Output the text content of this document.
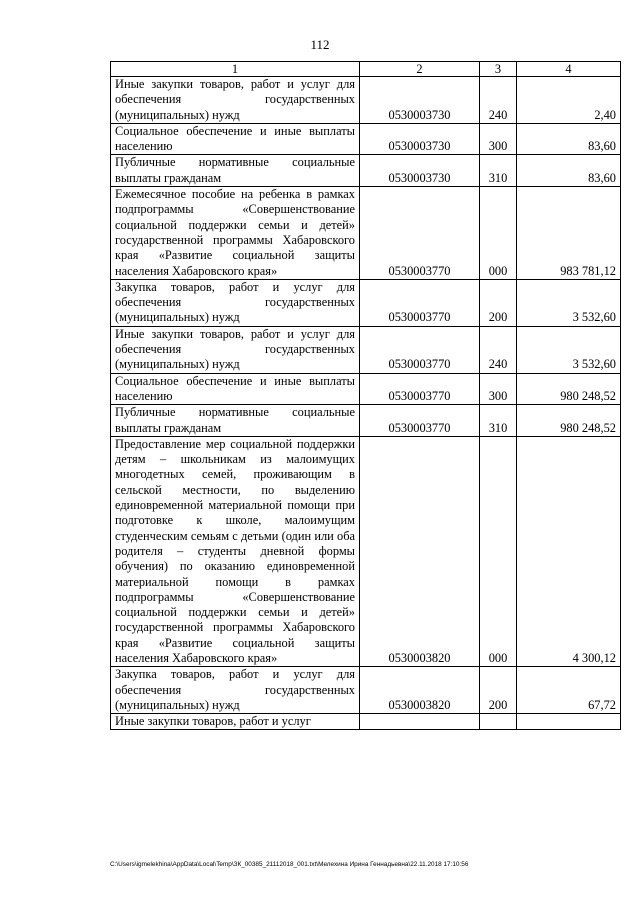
112
1	2	3	4
Иные закупки товаров, работ и услуг для обеспечения государственных (муниципальных) нужд	0530003730	240	2,40
Социальное обеспечение и иные выплаты населению	0530003730	300	83,60
Публичные нормативные социальные выплаты гражданам	0530003730	310	83,60
Ежемесячное пособие на ребенка в рамках подпрограммы «Совершенствование социальной поддержки семьи и детей» государственной программы Хабаровского края «Развитие социальной защиты населения Хабаровского края»	0530003770	000	983 781,12
Закупка товаров, работ и услуг для обеспечения государственных (муниципальных) нужд	0530003770	200	3 532,60
Иные закупки товаров, работ и услуг для обеспечения государственных (муниципальных) нужд	0530003770	240	3 532,60
Социальное обеспечение и иные выплаты населению	0530003770	300	980 248,52
Публичные нормативные социальные выплаты гражданам	0530003770	310	980 248,52
Предоставление мер социальной поддержки детям – школьникам из малоимущих многодетных семей, проживающим в сельской местности, по выделению единовременной материальной помощи при подготовке к школе, малоимущим студенческим семьям с детьми (один или оба родителя – студенты дневной формы обучения) по оказанию единовременной материальной помощи в рамках подпрограммы «Совершенствование социальной поддержки семьи и детей» государственной программы Хабаровского края «Развитие социальной защиты населения Хабаровского края»	0530003820	000	4 300,12
Закупка товаров, работ и услуг для обеспечения государственных (муниципальных) нужд	0530003820	200	67,72
Иные закупки товаров, работ и услуг			
C:\Users\igmelekhina\AppData\Local\Temp\ЗК_00385_21112018_001.txt\Мелехина Ирина Геннадьевна\22.11.2018 17:10:56
